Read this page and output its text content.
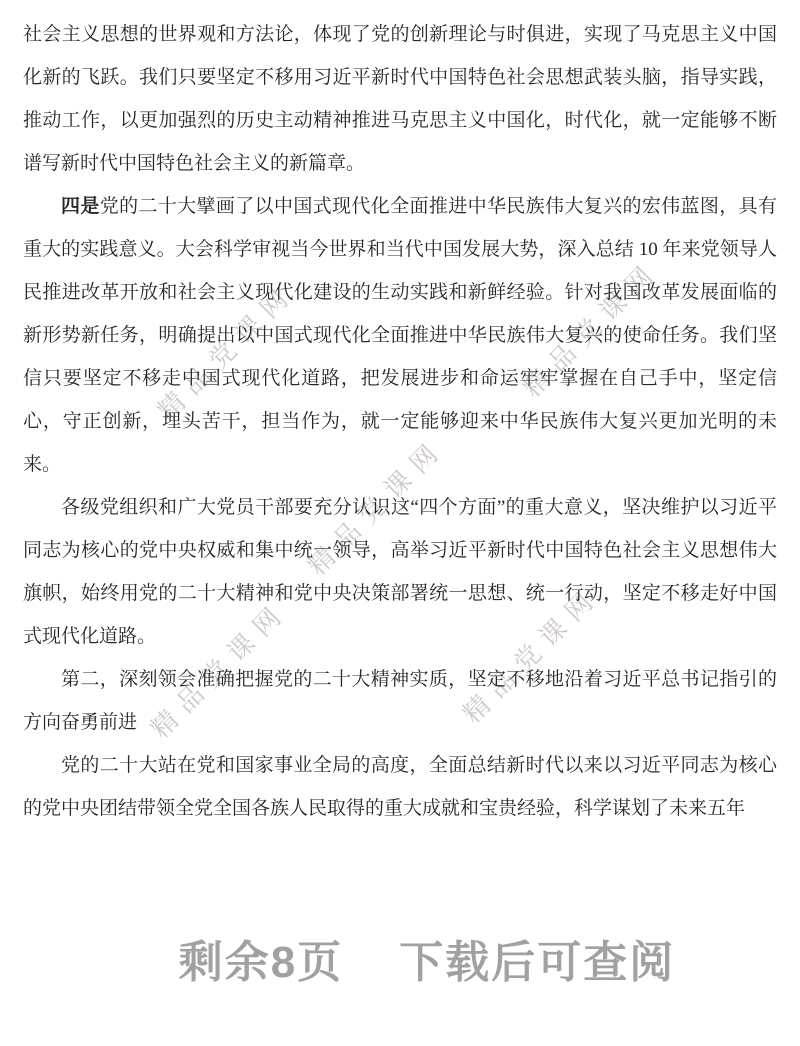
精品党课网	精品党课网
精品党课网
精品党课网	精品党课网

社会主义思想的世界观和方法论，体现了党的创新理论与时俱进，实现了马克思主义中国化新的飞跃。我们只要坚定不移用习近平新时代中国特色社会思想武装头脑，指导实践，推动工作，以更加强烈的历史主动精神推进马克思主义中国化，时代化，就一定能够不断谱写新时代中国特色社会主义的新篇章。

四是党的二十大擘画了以中国式现代化全面推进中华民族伟大复兴的宏伟蓝图，具有重大的实践意义。大会科学审视当今世界和当代中国发展大势，深入总结 10 年来党领导人民推进改革开放和社会主义现代化建设的生动实践和新鲜经验。针对我国改革发展面临的新形势新任务，明确提出以中国式现代化全面推进中华民族伟大复兴的使命任务。我们坚信只要坚定不移走中国式现代化道路，把发展进步和命运牢牢掌握在自己手中，坚定信心，守正创新，埋头苦干，担当作为，就一定能够迎来中华民族伟大复兴更加光明的未来。

各级党组织和广大党员干部要充分认识这“四个方面”的重大意义，坚决维护以习近平同志为核心的党中央权威和集中统一领导，高举习近平新时代中国特色社会主义思想伟大旗帜，始终用党的二十大精神和党中央决策部署统一思想、统一行动，坚定不移走好中国式现代化道路。

第二，深刻领会准确把握党的二十大精神实质，坚定不移地沿着习近平总书记指引的方向奋勇前进

党的二十大站在党和国家事业全局的高度，全面总结新时代以来以习近平同志为核心的党中央团结带领全党全国各族人民取得的重大成就和宝贵经验，科学谋划了未来五年

剩余8页 下载后可查阅
